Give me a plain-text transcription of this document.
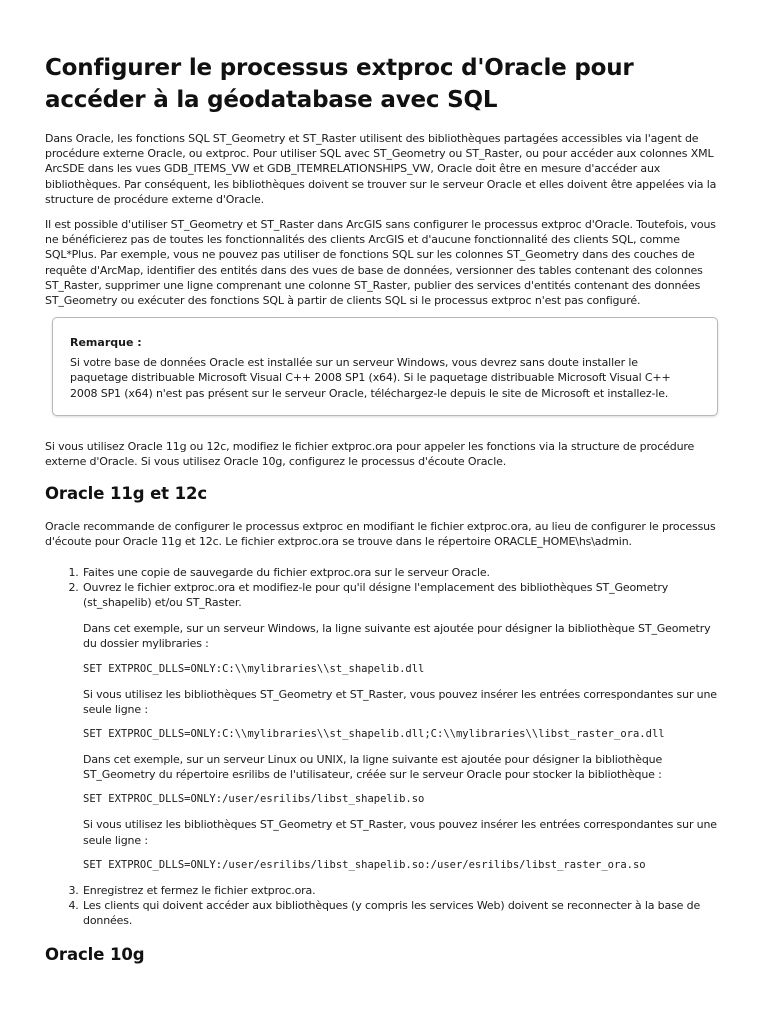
Configurer le processus extproc d'Oracle pour accéder à la géodatabase avec SQL

Dans Oracle, les fonctions SQL ST_Geometry et ST_Raster utilisent des bibliothèques partagées accessibles via l'agent de procédure externe Oracle, ou extproc. Pour utiliser SQL avec ST_Geometry ou ST_Raster, ou pour accéder aux colonnes XML ArcSDE dans les vues GDB_ITEMS_VW et GDB_ITEMRELATIONSHIPS_VW, Oracle doit être en mesure d'accéder aux bibliothèques. Par conséquent, les bibliothèques doivent se trouver sur le serveur Oracle et elles doivent être appelées via la structure de procédure externe d'Oracle.

Il est possible d'utiliser ST_Geometry et ST_Raster dans ArcGIS sans configurer le processus extproc d'Oracle. Toutefois, vous ne bénéficierez pas de toutes les fonctionnalités des clients ArcGIS et d'aucune fonctionnalité des clients SQL, comme SQL*Plus. Par exemple, vous ne pouvez pas utiliser de fonctions SQL sur les colonnes ST_Geometry dans des couches de requête d'ArcMap, identifier des entités dans des vues de base de données, versionner des tables contenant des colonnes ST_Raster, supprimer une ligne comprenant une colonne ST_Raster, publier des services d'entités contenant des données ST_Geometry ou exécuter des fonctions SQL à partir de clients SQL si le processus extproc n'est pas configuré.

Remarque :

Si votre base de données Oracle est installée sur un serveur Windows, vous devrez sans doute installer le paquetage distribuable Microsoft Visual C++ 2008 SP1 (x64). Si le paquetage distribuable Microsoft Visual C++ 2008 SP1 (x64) n'est pas présent sur le serveur Oracle, téléchargez-le depuis le site de Microsoft et installez-le.

Si vous utilisez Oracle 11g ou 12c, modifiez le fichier extproc.ora pour appeler les fonctions via la structure de procédure externe d'Oracle. Si vous utilisez Oracle 10g, configurez le processus d'écoute Oracle.

Oracle 11g et 12c

Oracle recommande de configurer le processus extproc en modifiant le fichier extproc.ora, au lieu de configurer le processus d'écoute pour Oracle 11g et 12c. Le fichier extproc.ora se trouve dans le répertoire ORACLE_HOME\hs\admin.

1. Faites une copie de sauvegarde du fichier extproc.ora sur le serveur Oracle.
2. Ouvrez le fichier extproc.ora et modifiez-le pour qu'il désigne l'emplacement des bibliothèques ST_Geometry (st_shapelib) et/ou ST_Raster.

Dans cet exemple, sur un serveur Windows, la ligne suivante est ajoutée pour désigner la bibliothèque ST_Geometry du dossier mylibraries :

SET EXTPROC_DLLS=ONLY:C:\\mylibraries\\st_shapelib.dll

Si vous utilisez les bibliothèques ST_Geometry et ST_Raster, vous pouvez insérer les entrées correspondantes sur une seule ligne :

SET EXTPROC_DLLS=ONLY:C:\\mylibraries\\st_shapelib.dll;C:\\mylibraries\\libst_raster_ora.dll

Dans cet exemple, sur un serveur Linux ou UNIX, la ligne suivante est ajoutée pour désigner la bibliothèque ST_Geometry du répertoire esrilibs de l'utilisateur, créée sur le serveur Oracle pour stocker la bibliothèque :

SET EXTPROC_DLLS=ONLY:/user/esrilibs/libst_shapelib.so

Si vous utilisez les bibliothèques ST_Geometry et ST_Raster, vous pouvez insérer les entrées correspondantes sur une seule ligne :

SET EXTPROC_DLLS=ONLY:/user/esrilibs/libst_shapelib.so:/user/esrilibs/libst_raster_ora.so
3. Enregistrez et fermez le fichier extproc.ora.
4. Les clients qui doivent accéder aux bibliothèques (y compris les services Web) doivent se reconnecter à la base de données.
Oracle 10g
